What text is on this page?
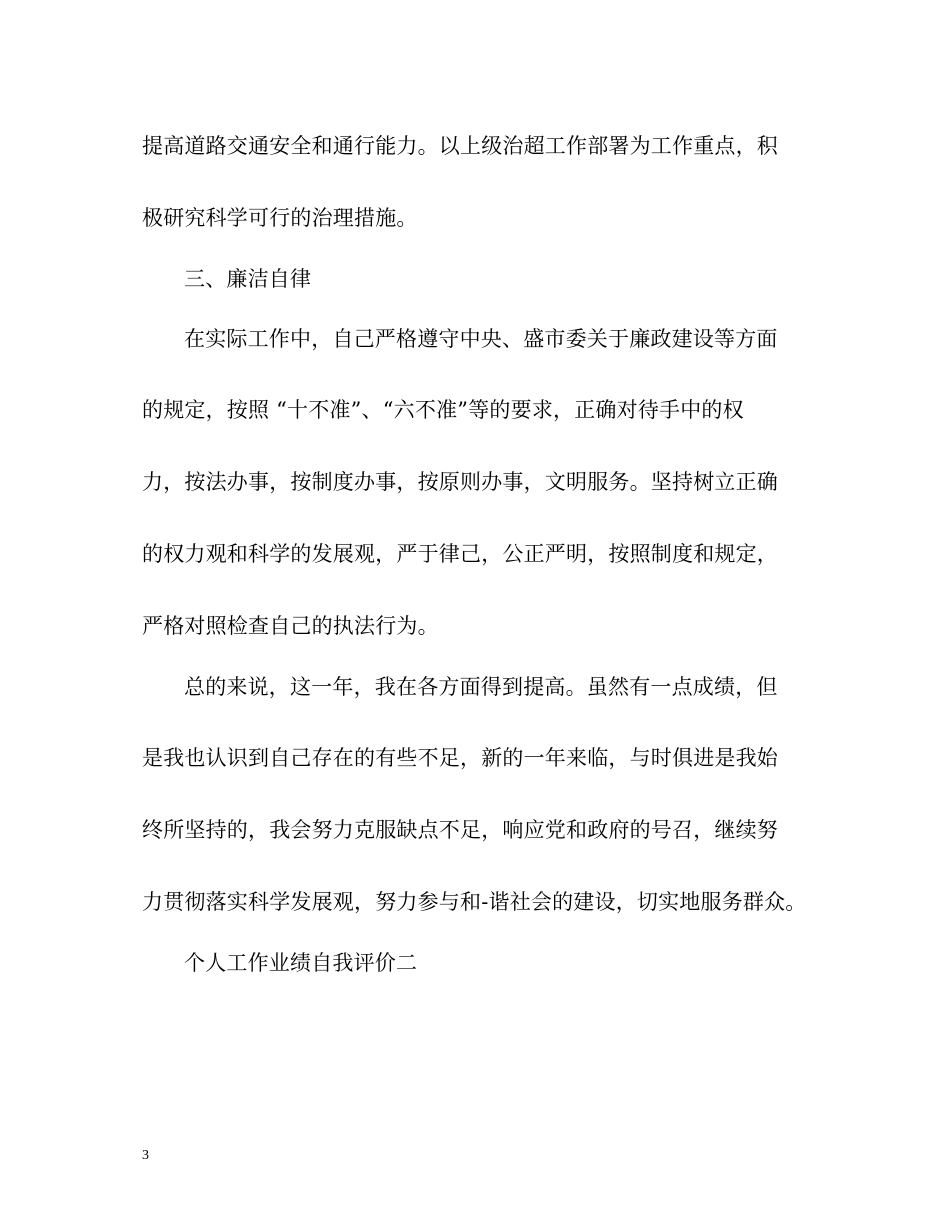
提高道路交通安全和通行能力。以上级治超工作部署为工作重点，积
极研究科学可行的治理措施。
三、廉洁自律
在实际工作中，自己严格遵守中央、盛市委关于廉政建设等方面
的规定，按照 “十不准”、“六不准”等的要求，正确对待手中的权
力，按法办事，按制度办事，按原则办事，文明服务。坚持树立正确
的权力观和科学的发展观，严于律己，公正严明，按照制度和规定，
严格对照检查自己的执法行为。
总的来说，这一年，我在各方面得到提高。虽然有一点成绩，但
是我也认识到自己存在的有些不足，新的一年来临，与时俱进是我始
终所坚持的，我会努力克服缺点不足，响应党和政府的号召，继续努
力贯彻落实科学发展观，努力参与和-谐社会的建设，切实地服务群众。
个人工作业绩自我评价二
3
